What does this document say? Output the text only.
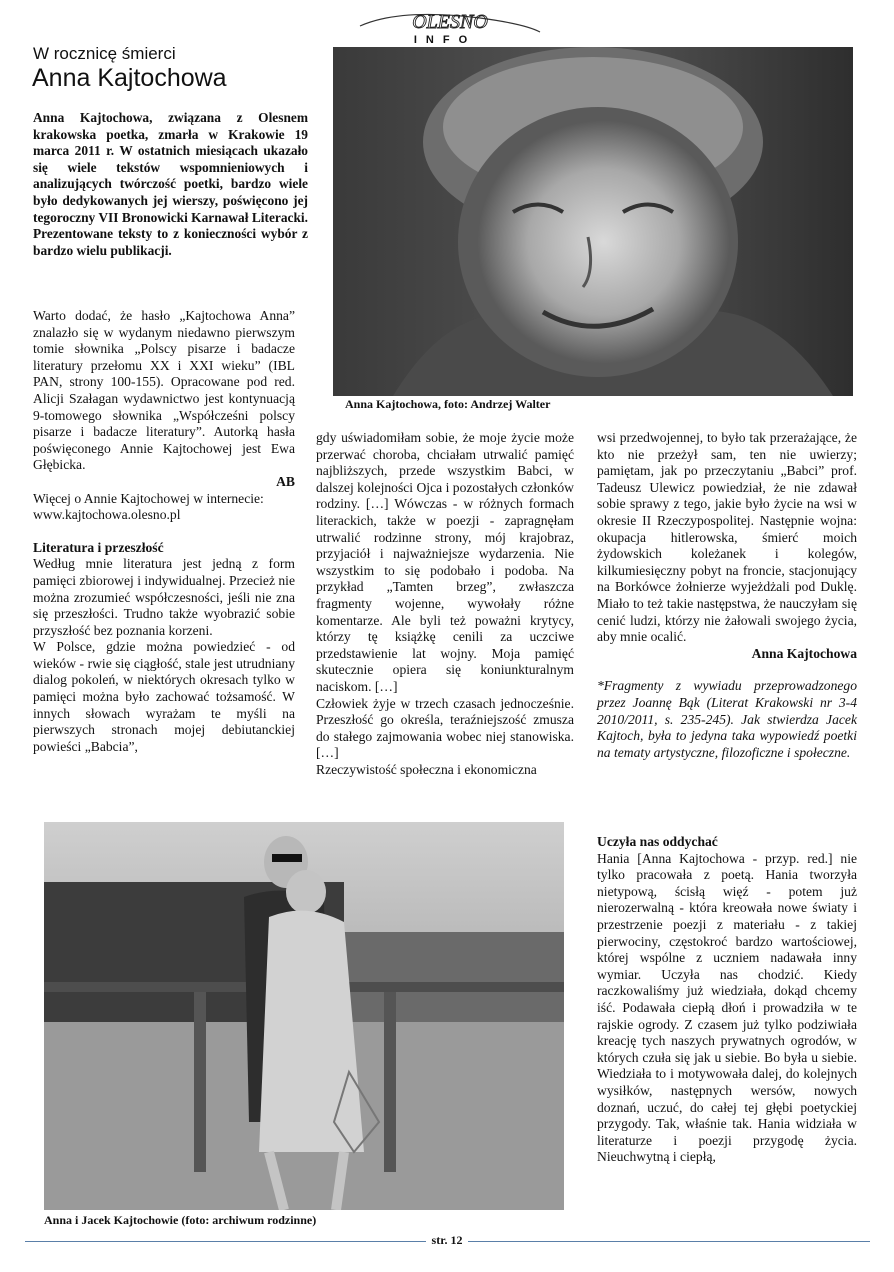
OLESNO
INFO
W rocznicę śmierci
Anna Kajtochowa
Anna Kajtochowa, związana z Olesnem krakowska poetka, zmarła w Krakowie 19 marca 2011 r. W ostatnich miesiącach ukazało się wiele tekstów wspomnieniowych i analizujących twórczość poetki, bardzo wiele było dedykowanych jej wierszy, poświęcono jej tegoroczny VII Bronowicki Karnawał Literacki. Prezentowane teksty to z konieczności wybór z bardzo wielu publikacji.

Warto dodać, że hasło „Kajtochowa Anna” znalazło się w wydanym niedawno pierwszym tomie słownika „Polscy pisarze i badacze literatury przełomu XX i XXI wieku” (IBL PAN, strony 100-155). Opracowane pod red. Alicji Szałagan wydawnictwo jest kontynuacją 9-tomowego słownika „Współcześni polscy pisarze i badacze literatury”. Autorką hasła poświęconego Annie Kajtochowej jest Ewa Głębicka.

AB

Więcej o Annie Kajtochowej w internecie: www.kajtochowa.olesno.pl

Literatura i przeszłość

Według mnie literatura jest jedną z form pamięci zbiorowej i indywidualnej. Przecież nie można zrozumieć współczesności, jeśli nie zna się przeszłości. Trudno także wyobrazić sobie przyszłość bez poznania korzeni.

W Polsce, gdzie można powiedzieć - od wieków - rwie się ciągłość, stale jest utrudniany dialog pokoleń, w niektórych okresach tylko w pamięci można było zachować tożsamość. W innych słowach wyrażam te myśli na pierwszych stronach mojej debiutanckiej powieści „Babcia”,

Anna Kajtochowa, foto: Andrzej Walter

gdy uświadomiłam sobie, że moje życie może przerwać choroba, chciałam utrwalić pamięć najbliższych, przede wszystkim Babci, w dalszej kolejności Ojca i pozostałych członków rodziny. […] Wówczas - w różnych formach literackich, także w poezji - zapragnęłam utrwalić rodzinne strony, mój krajobraz, przyjaciół i najważniejsze wydarzenia. Nie wszystkim to się podobało i podoba. Na przykład „Tamten brzeg”, zwłaszcza fragmenty wojenne, wywołały różne komentarze. Ale byli też poważni krytycy, którzy tę książkę cenili za uczciwe przedstawienie lat wojny. Moja pamięć skutecznie opiera się koniunkturalnym naciskom. […]

Człowiek żyje w trzech czasach jednocześnie. Przeszłość go określa, teraźniejszość zmusza do stałego zajmowania wobec niej stanowiska. […]

Rzeczywistość społeczna i ekonomiczna

wsi przedwojennej, to było tak przerażające, że kto nie przeżył sam, ten nie uwierzy; pamiętam, jak po przeczytaniu „Babci” prof. Tadeusz Ulewicz powiedział, że nie zdawał sobie sprawy z tego, jakie było życie na wsi w okresie II Rzeczypospolitej. Następnie wojna: okupacja hitlerowska, śmierć moich żydowskich koleżanek i kolegów, kilkumiesięczny pobyt na froncie, stacjonujący na Borkówce żołnierze wyjeżdżali pod Duklę. Miało to też takie następstwa, że nauczyłam się cenić ludzi, którzy nie żałowali swojego życia, aby mnie ocalić.

Anna Kajtochowa

*Fragmenty z wywiadu przeprowadzonego przez Joannę Bąk (Literat Krakowski nr 3-4 2010/2011, s. 235-245). Jak stwierdza Jacek Kajtoch, była to jedyna taka wypowiedź poetki na tematy artystyczne, filozoficzne i społeczne.

Uczyła nas oddychać

Hania [Anna Kajtochowa - przyp. red.] nie tylko pracowała z poetą. Hania tworzyła nietypową, ścisłą więź - potem już nierozerwalną - która kreowała nowe światy i przestrzenie poezji z materiału - z takiej pierwociny, częstokroć bardzo wartościowej, której wspólne z uczniem nadawała inny wymiar. Uczyła nas chodzić. Kiedy raczkowaliśmy już wiedziała, dokąd chcemy iść. Podawała ciepłą dłoń i prowadziła w te rajskie ogrody. Z czasem już tylko podziwiała kreację tych naszych prywatnych ogrodów, w których czuła się jak u siebie. Bo była u siebie. Wiedziała to i motywowała dalej, do kolejnych wysiłków, następnych wersów, nowych doznań, uczuć, do całej tej głębi poetyckiej przygody. Tak, właśnie tak. Hania widziała w literaturze i poezji przygodę życia. Nieuchwytną i ciepłą,

Anna i Jacek Kajtochowie (foto: archiwum rodzinne)
str. 12
